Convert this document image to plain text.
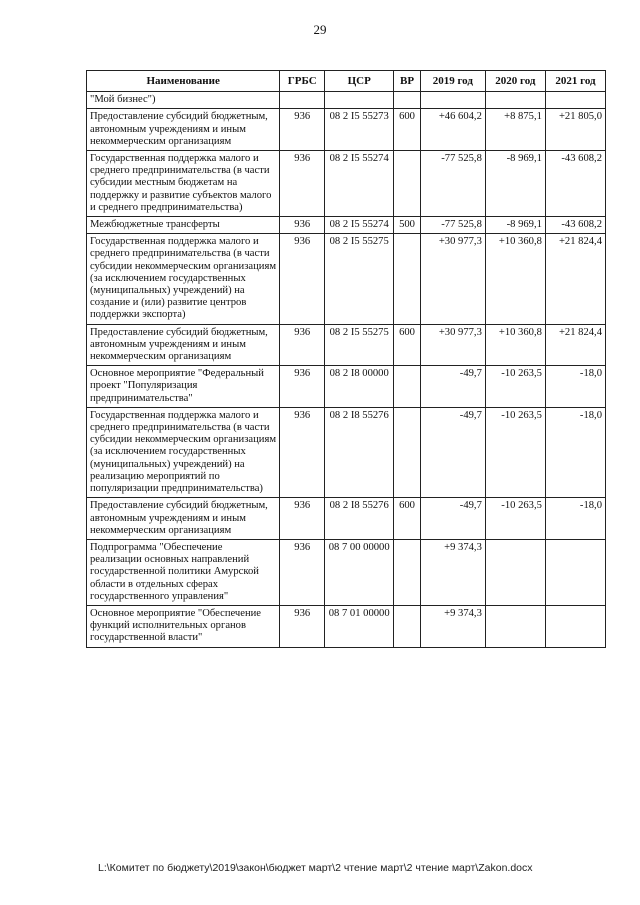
29
Наименование	ГРБС	ЦСР	ВР	2019 год	2020 год	2021 год
"Мой бизнес")						
Предоставление субсидий бюджетным, автономным учреждениям и иным некоммерческим организациям	936	08 2 I5 55273	600	+46 604,2	+8 875,1	+21 805,0
Государственная поддержка малого и среднего предпринимательства (в части субсидии местным бюджетам на поддержку и развитие субъектов малого и среднего предпринимательства)	936	08 2 I5 55274		-77 525,8	-8 969,1	-43 608,2
Межбюджетные трансферты	936	08 2 I5 55274	500	-77 525,8	-8 969,1	-43 608,2
Государственная поддержка малого и среднего предпринимательства (в части субсидии некоммерческим организациям (за исключением государственных (муниципальных) учреждений) на создание и (или) развитие центров поддержки экспорта)	936	08 2 I5 55275		+30 977,3	+10 360,8	+21 824,4
Предоставление субсидий бюджетным, автономным учреждениям и иным некоммерческим организациям	936	08 2 I5 55275	600	+30 977,3	+10 360,8	+21 824,4
Основное мероприятие "Федеральный проект "Популяризация предпринимательства"	936	08 2 I8 00000		-49,7	-10 263,5	-18,0
Государственная поддержка малого и среднего предпринимательства (в части субсидии некоммерческим организациям (за исключением государственных (муниципальных) учреждений) на реализацию мероприятий по популяризации предпринимательства)	936	08 2 I8 55276		-49,7	-10 263,5	-18,0
Предоставление субсидий бюджетным, автономным учреждениям и иным некоммерческим организациям	936	08 2 I8 55276	600	-49,7	-10 263,5	-18,0
Подпрограмма "Обеспечение реализации основных направлений государственной политики Амурской области в отдельных сферах государственного управления"	936	08 7 00 00000		+9 374,3		
Основное мероприятие "Обеспечение функций исполнительных органов государственной власти"	936	08 7 01 00000		+9 374,3		
L:\Комитет по бюджету\2019\закон\бюджет март\2 чтение март\2 чтение март\Zakon.docx
